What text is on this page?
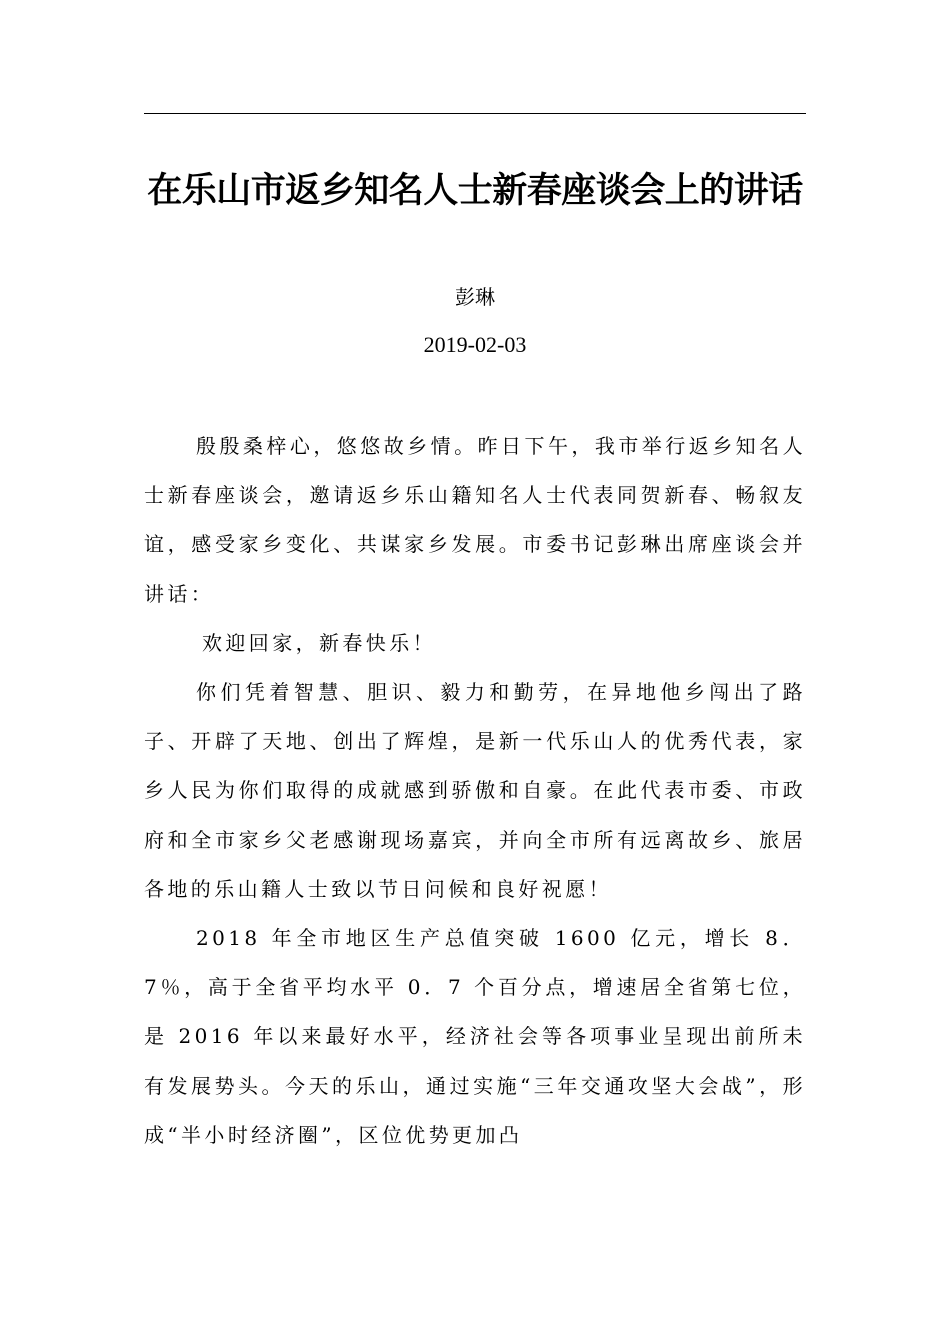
在乐山市返乡知名人士新春座谈会上的讲话
彭琳
2019-02-03

殷殷桑梓心，悠悠故乡情。昨日下午，我市举行返乡知名人士新春座谈会，邀请返乡乐山籍知名人士代表同贺新春、畅叙友谊，感受家乡变化、共谋家乡发展。市委书记彭琳出席座谈会并讲话：

欢迎回家，新春快乐！

你们凭着智慧、胆识、毅力和勤劳，在异地他乡闯出了路子、开辟了天地、创出了辉煌，是新一代乐山人的优秀代表，家乡人民为你们取得的成就感到骄傲和自豪。在此代表市委、市政府和全市家乡父老感谢现场嘉宾，并向全市所有远离故乡、旅居各地的乐山籍人士致以节日问候和良好祝愿！

2018 年全市地区生产总值突破 1600 亿元，增长 8．7％，高于全省平均水平 0．7 个百分点，增速居全省第七位，是 2016 年以来最好水平，经济社会等各项事业呈现出前所未有发展势头。今天的乐山，通过实施“三年交通攻坚大会战”，形成“半小时经济圈”，区位优势更加凸
